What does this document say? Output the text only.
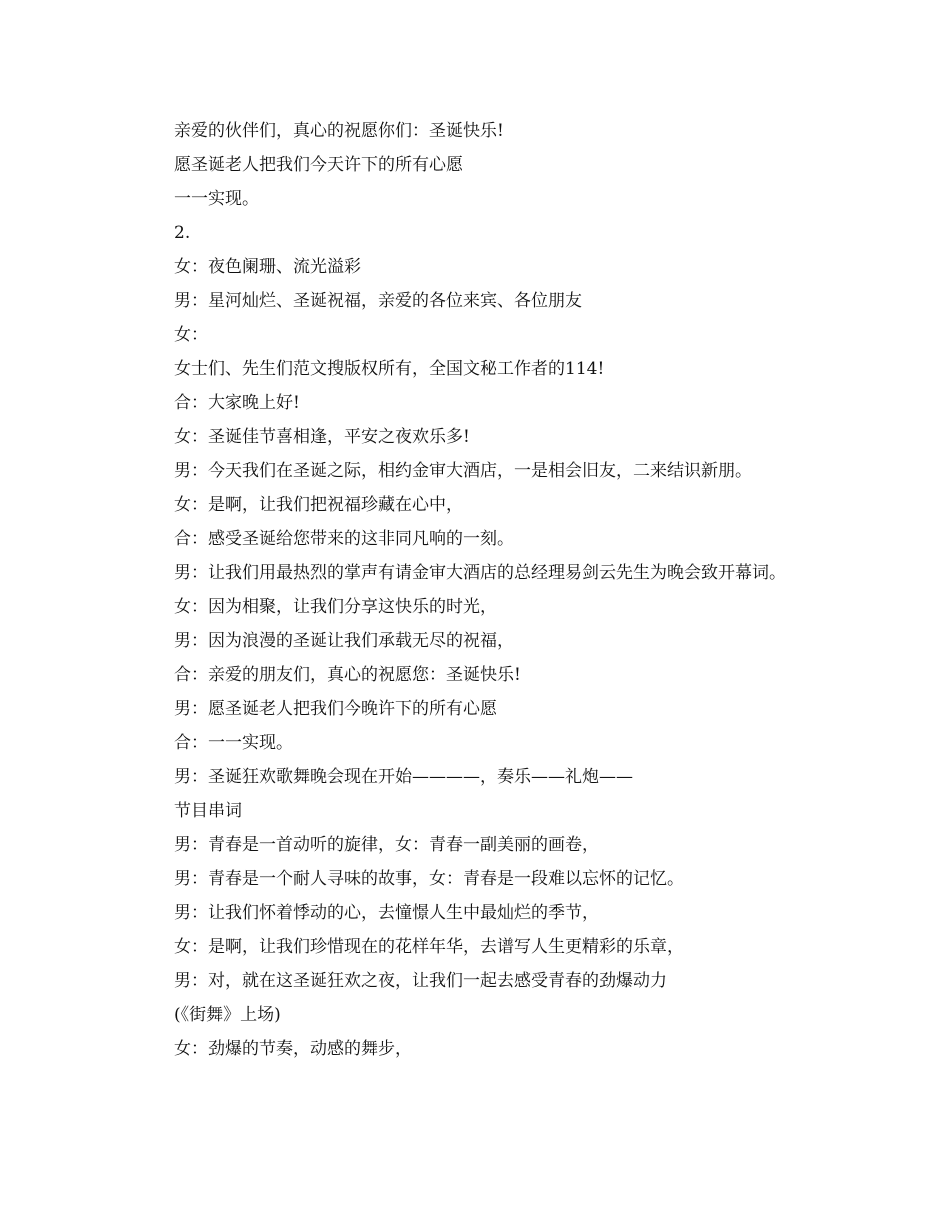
亲爱的伙伴们，真心的祝愿你们：圣诞快乐!
愿圣诞老人把我们今天许下的所有心愿
一一实现。
2.
女：夜色阑珊、流光溢彩
男：星河灿烂、圣诞祝福，亲爱的各位来宾、各位朋友
女：
女士们、先生们范文搜版权所有，全国文秘工作者的114!
合：大家晚上好!
女：圣诞佳节喜相逢，平安之夜欢乐多!
男：今天我们在圣诞之际，相约金审大酒店，一是相会旧友，二来结识新朋。
女：是啊，让我们把祝福珍藏在心中，
合：感受圣诞给您带来的这非同凡响的一刻。
男：让我们用最热烈的掌声有请金审大酒店的总经理易剑云先生为晚会致开幕词。
女：因为相聚，让我们分享这快乐的时光，
男：因为浪漫的圣诞让我们承载无尽的祝福，
合：亲爱的朋友们，真心的祝愿您：圣诞快乐!
男：愿圣诞老人把我们今晚许下的所有心愿
合：一一实现。
男：圣诞狂欢歌舞晚会现在开始————，奏乐——礼炮——
节目串词
男：青春是一首动听的旋律，女：青春一副美丽的画卷，
男：青春是一个耐人寻味的故事，女：青春是一段难以忘怀的记忆。
男：让我们怀着悸动的心，去憧憬人生中最灿烂的季节，
女：是啊，让我们珍惜现在的花样年华，去谱写人生更精彩的乐章，
男：对，就在这圣诞狂欢之夜，让我们一起去感受青春的劲爆动力
(《街舞》上场)
女：劲爆的节奏，动感的舞步，
